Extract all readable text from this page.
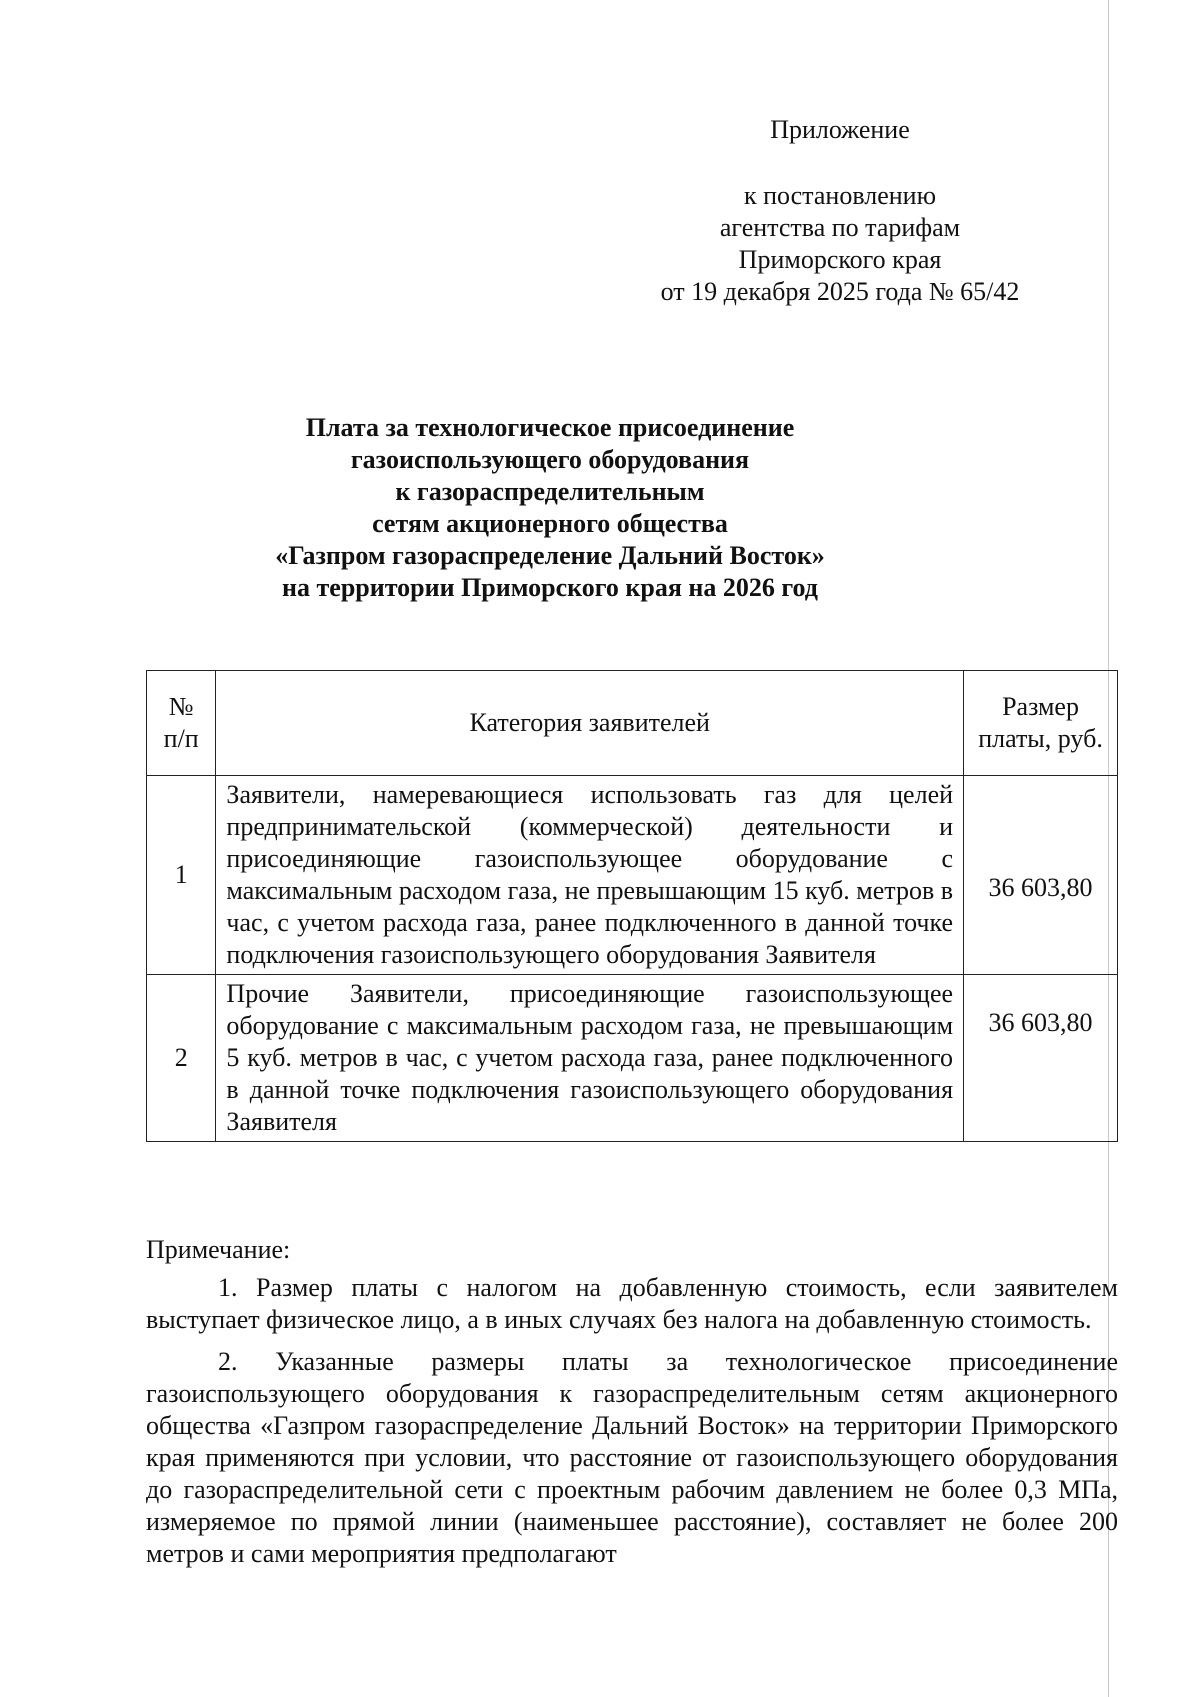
Приложение
к постановлению
агентства по тарифам
Приморского края
от 19 декабря 2025 года № 65/42
Плата за технологическое присоединение
газоиспользующего оборудования
к газораспределительным
сетям акционерного общества
«Газпром газораспределение Дальний Восток»
на территории Приморского края на 2026 год
№ п/п	Категория заявителей	Размер платы, руб.
1	Заявители, намеревающиеся использовать газ для целей предпринимательской (коммерческой) деятельности и присоединяющие газоиспользующее оборудование с максимальным расходом газа, не превышающим 15 куб. метров в час, с учетом расхода газа, ранее подключенного в данной точке подключения газоиспользующего оборудования Заявителя	36 603,80
2	Прочие Заявители, присоединяющие газоиспользующее оборудование с максимальным расходом газа, не превышающим 5 куб. метров в час, с учетом расхода газа, ранее подключенного в данной точке подключения газоиспользующего оборудования Заявителя	36 603,80

Примечание:

1. Размер платы с налогом на добавленную стоимость, если заявителем выступает физическое лицо, а в иных случаях без налога на добавленную стоимость.

2. Указанные размеры платы за технологическое присоединение газоиспользующего оборудования к газораспределительным сетям акционерного общества «Газпром газораспределение Дальний Восток» на территории Приморского края применяются при условии, что расстояние от газоиспользующего оборудования до газораспределительной сети с проектным рабочим давлением не более 0,3 МПа, измеряемое по прямой линии (наименьшее расстояние), составляет не более 200 метров и сами мероприятия предполагают
